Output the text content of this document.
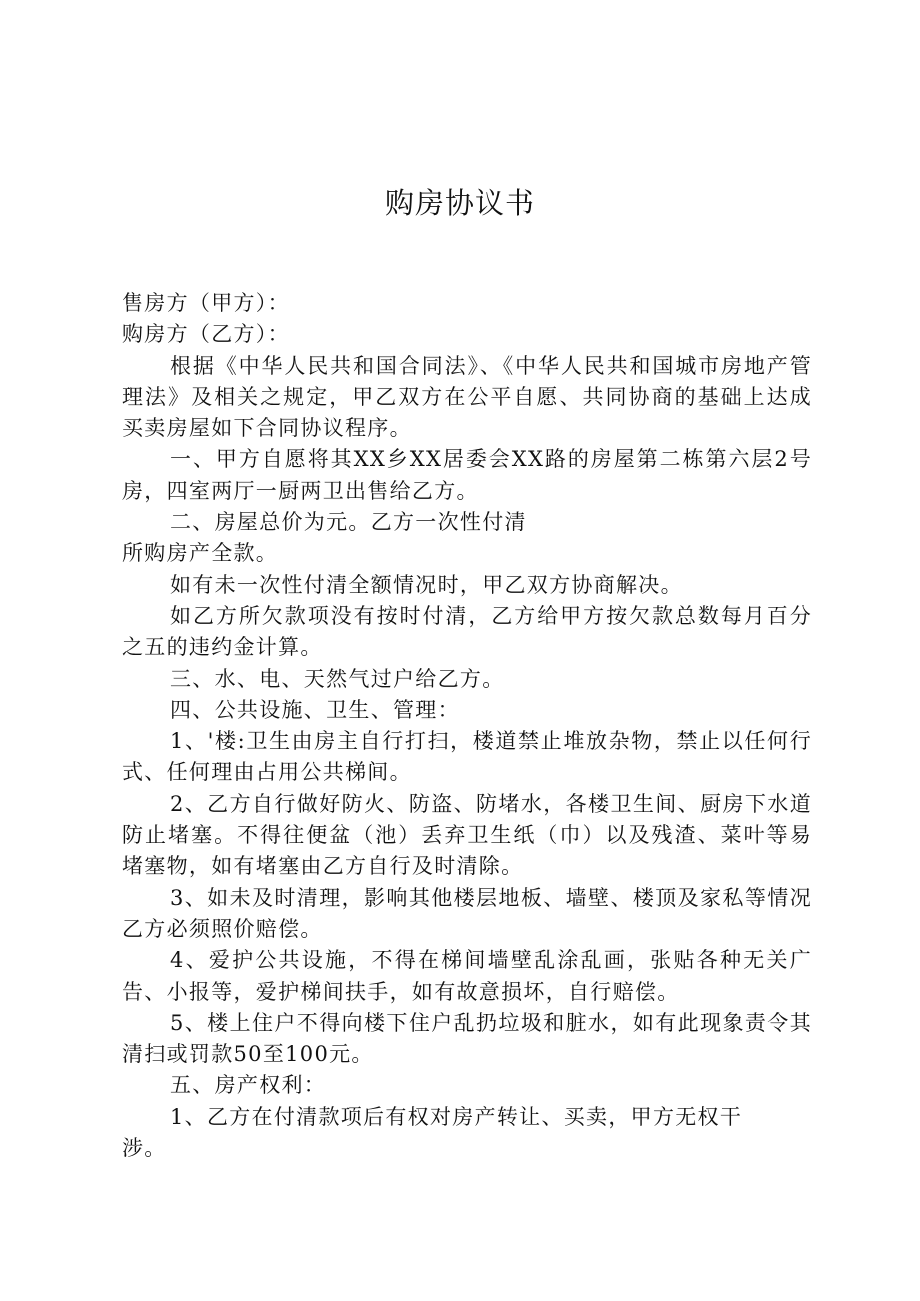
购房协议书

售房方（甲方）：

购房方（乙方）：

根据《中华人民共和国合同法》、《中华人民共和国城市房地产管理法》及相关之规定，甲乙双方在公平自愿、共同协商的基础上达成买卖房屋如下合同协议程序。

一、甲方自愿将其XX乡XX居委会XX路的房屋第二栋第六层2号房，四室两厅一厨两卫出售给乙方。

二、房屋总价为元。乙方一次性付清

所购房产全款。

如有未一次性付清全额情况时，甲乙双方协商解决。

如乙方所欠款项没有按时付清，乙方给甲方按欠款总数每月百分之五的违约金计算。

三、水、电、天然气过户给乙方。

四、公共设施、卫生、管理：

1、'楼:卫生由房主自行打扫，楼道禁止堆放杂物，禁止以任何行式、任何理由占用公共梯间。

2、乙方自行做好防火、防盗、防堵水，各楼卫生间、厨房下水道防止堵塞。不得往便盆（池）丢弃卫生纸（巾）以及残渣、菜叶等易堵塞物，如有堵塞由乙方自行及时清除。

3、如未及时清理，影响其他楼层地板、墙壁、楼顶及家私等情况乙方必须照价赔偿。

4、爱护公共设施，不得在梯间墙壁乱涂乱画，张贴各种无关广告、小报等，爱护梯间扶手，如有故意损坏，自行赔偿。

5、楼上住户不得向楼下住户乱扔垃圾和脏水，如有此现象责令其清扫或罚款50至100元。

五、房产权利：

1、乙方在付清款项后有权对房产转让、买卖，甲方无权干

涉。
